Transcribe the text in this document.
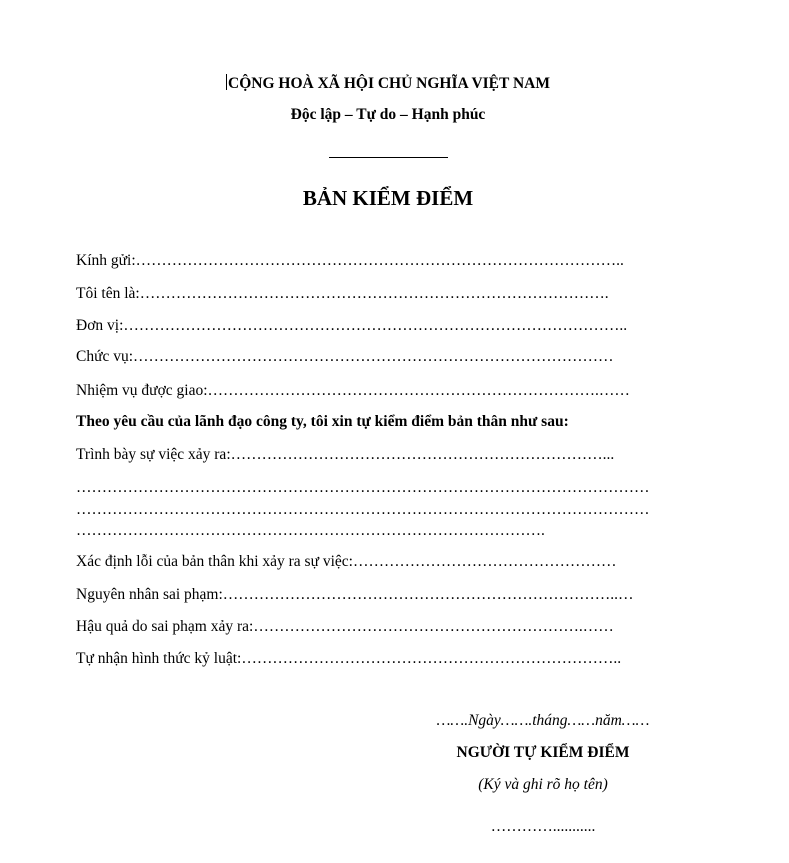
CỘNG HOÀ XÃ HỘI CHỦ NGHĨA VIỆT NAM
Độc lập – Tự do – Hạnh phúc
BẢN KIỂM ĐIỂM
Kính gửi:…………………………………………………………………………………..
Tôi tên là:……………………………………………………………………………….
Đơn vị:……………………………………………………………………………………..
Chức vụ:…………………………………………………………………………………
Nhiệm vụ được giao:………………………………………………………………….……
Theo yêu cầu của lãnh đạo công ty, tôi xin tự kiểm điểm bản thân như sau:
Trình bày sự việc xảy ra:………………………………………………………………...
…………………………………………………………………………………………………
…………………………………………………………………………………………………
……………………………………………………………………………….
Xác định lỗi của bản thân khi xảy ra sự việc:……………………………………………
Nguyên nhân sai phạm:…………………………………………………………………..…
Hậu quả do sai phạm xảy ra:……………………………………………………….……
Tự nhận hình thức kỷ luật:………………………………………………………………..
…….Ngày…….tháng……năm……
NGƯỜI TỰ KIỂM ĐIỂM
(Ký và ghi rõ họ tên)
…………...........
